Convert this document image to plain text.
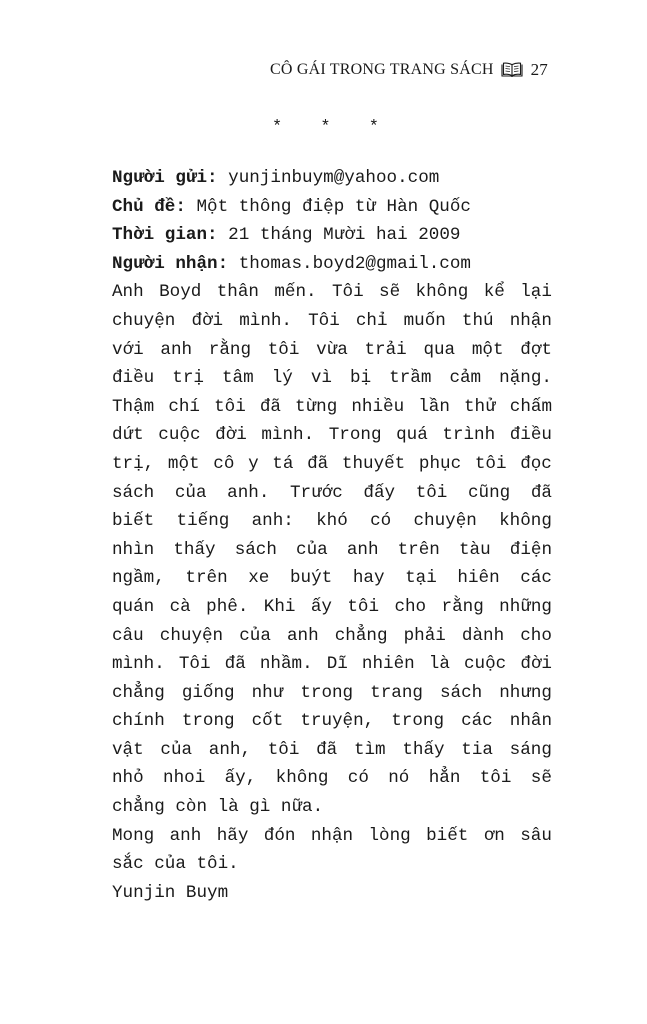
CÔ GÁI TRONG TRANG SÁCH 27
* * *
Người gửi: yunjinbuym@yahoo.com
Chủ đề: Một thông điệp từ Hàn Quốc
Thời gian: 21 tháng Mười hai 2009
Người nhận: thomas.boyd2@gmail.com
Anh Boyd thân mến. Tôi sẽ không kể lại
chuyện đời mình. Tôi chỉ muốn thú nhận
với anh rằng tôi vừa trải qua một đợt
điều trị tâm lý vì bị trầm cảm nặng.
Thậm chí tôi đã từng nhiều lần thử chấm
dứt cuộc đời mình. Trong quá trình điều
trị, một cô y tá đã thuyết phục tôi đọc
sách của anh. Trước đấy tôi cũng đã
biết tiếng anh: khó có chuyện không
nhìn thấy sách của anh trên tàu điện
ngầm, trên xe buýt hay tại hiên các
quán cà phê. Khi ấy tôi cho rằng những
câu chuyện của anh chẳng phải dành cho
mình. Tôi đã nhầm. Dĩ nhiên là cuộc đời
chẳng giống như trong trang sách nhưng
chính trong cốt truyện, trong các nhân
vật của anh, tôi đã tìm thấy tia sáng
nhỏ nhoi ấy, không có nó hẳn tôi sẽ
chẳng còn là gì nữa.
Mong anh hãy đón nhận lòng biết ơn sâu
sắc của tôi.
Yunjin Buym
